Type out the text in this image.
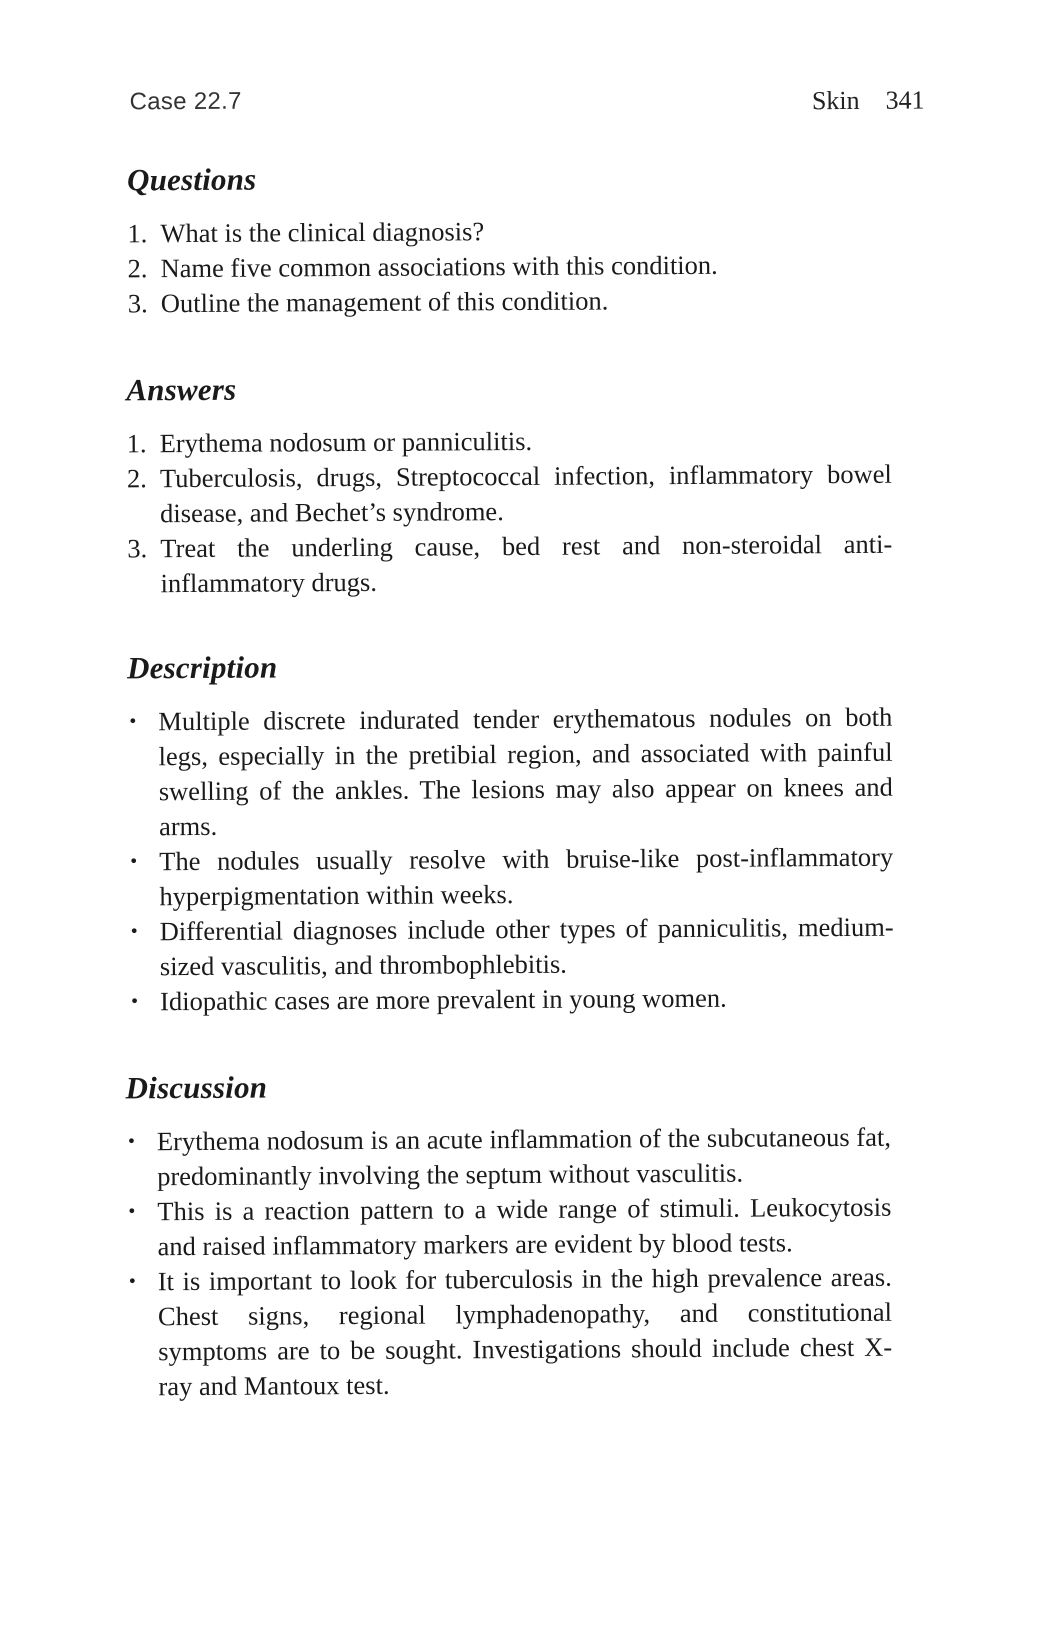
Case 22.7	Skin 341
Questions
1. What is the clinical diagnosis?
2. Name five common associations with this condition.
3. Outline the management of this condition.
Answers
1. Erythema nodosum or panniculitis.
2. Tuberculosis, drugs, Streptococcal infection, inflammatory bowel disease, and Bechet’s syndrome.
3. Treat the underling cause, bed rest and non-steroidal anti-inflammatory drugs.
Description
• Multiple discrete indurated tender erythematous nodules on both legs, especially in the pretibial region, and associated with painful swelling of the ankles. The lesions may also appear on knees and arms.
• The nodules usually resolve with bruise-like post-inflammatory hyperpigmentation within weeks.
• Differential diagnoses include other types of panniculitis, medium-sized vasculitis, and thrombophlebitis.
• Idiopathic cases are more prevalent in young women.
Discussion
• Erythema nodosum is an acute inflammation of the subcutaneous fat, predominantly involving the septum without vasculitis.
• This is a reaction pattern to a wide range of stimuli. Leukocytosis and raised inflammatory markers are evident by blood tests.
• It is important to look for tuberculosis in the high prevalence areas. Chest signs, regional lymphadenopathy, and constitutional symptoms are to be sought. Investigations should include chest X-ray and Mantoux test.
